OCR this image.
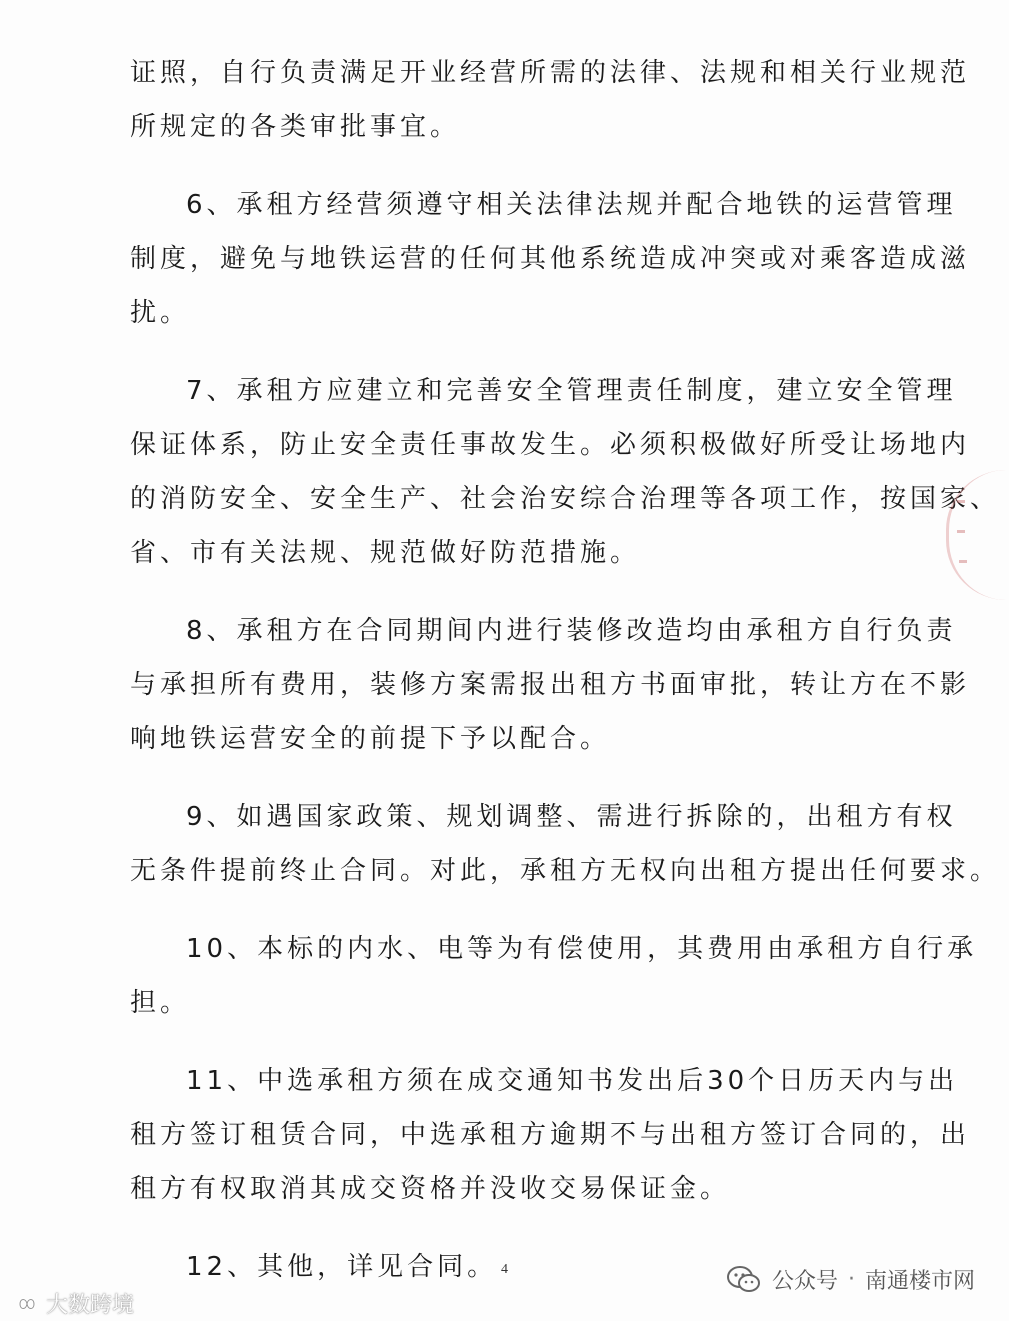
证照，自行负责满足开业经营所需的法律、法规和相关行业规范
所规定的各类审批事宜。
6、承租方经营须遵守相关法律法规并配合地铁的运营管理
制度，避免与地铁运营的任何其他系统造成冲突或对乘客造成滋
扰。
7、承租方应建立和完善安全管理责任制度，建立安全管理
保证体系，防止安全责任事故发生。必须积极做好所受让场地内
的消防安全、安全生产、社会治安综合治理等各项工作，按国家、
省、市有关法规、规范做好防范措施。
8、承租方在合同期间内进行装修改造均由承租方自行负责
与承担所有费用，装修方案需报出租方书面审批，转让方在不影
响地铁运营安全的前提下予以配合。
9、如遇国家政策、规划调整、需进行拆除的，出租方有权
无条件提前终止合同。对此，承租方无权向出租方提出任何要求。
10、本标的内水、电等为有偿使用，其费用由承租方自行承
担。
11、中选承租方须在成交通知书发出后30个日历天内与出
租方签订租赁合同，中选承租方逾期不与出租方签订合同的，出
租方有权取消其成交资格并没收交易保证金。
12、其他，详见合同。 4
大数跨境
公众号 · 南通楼市网
